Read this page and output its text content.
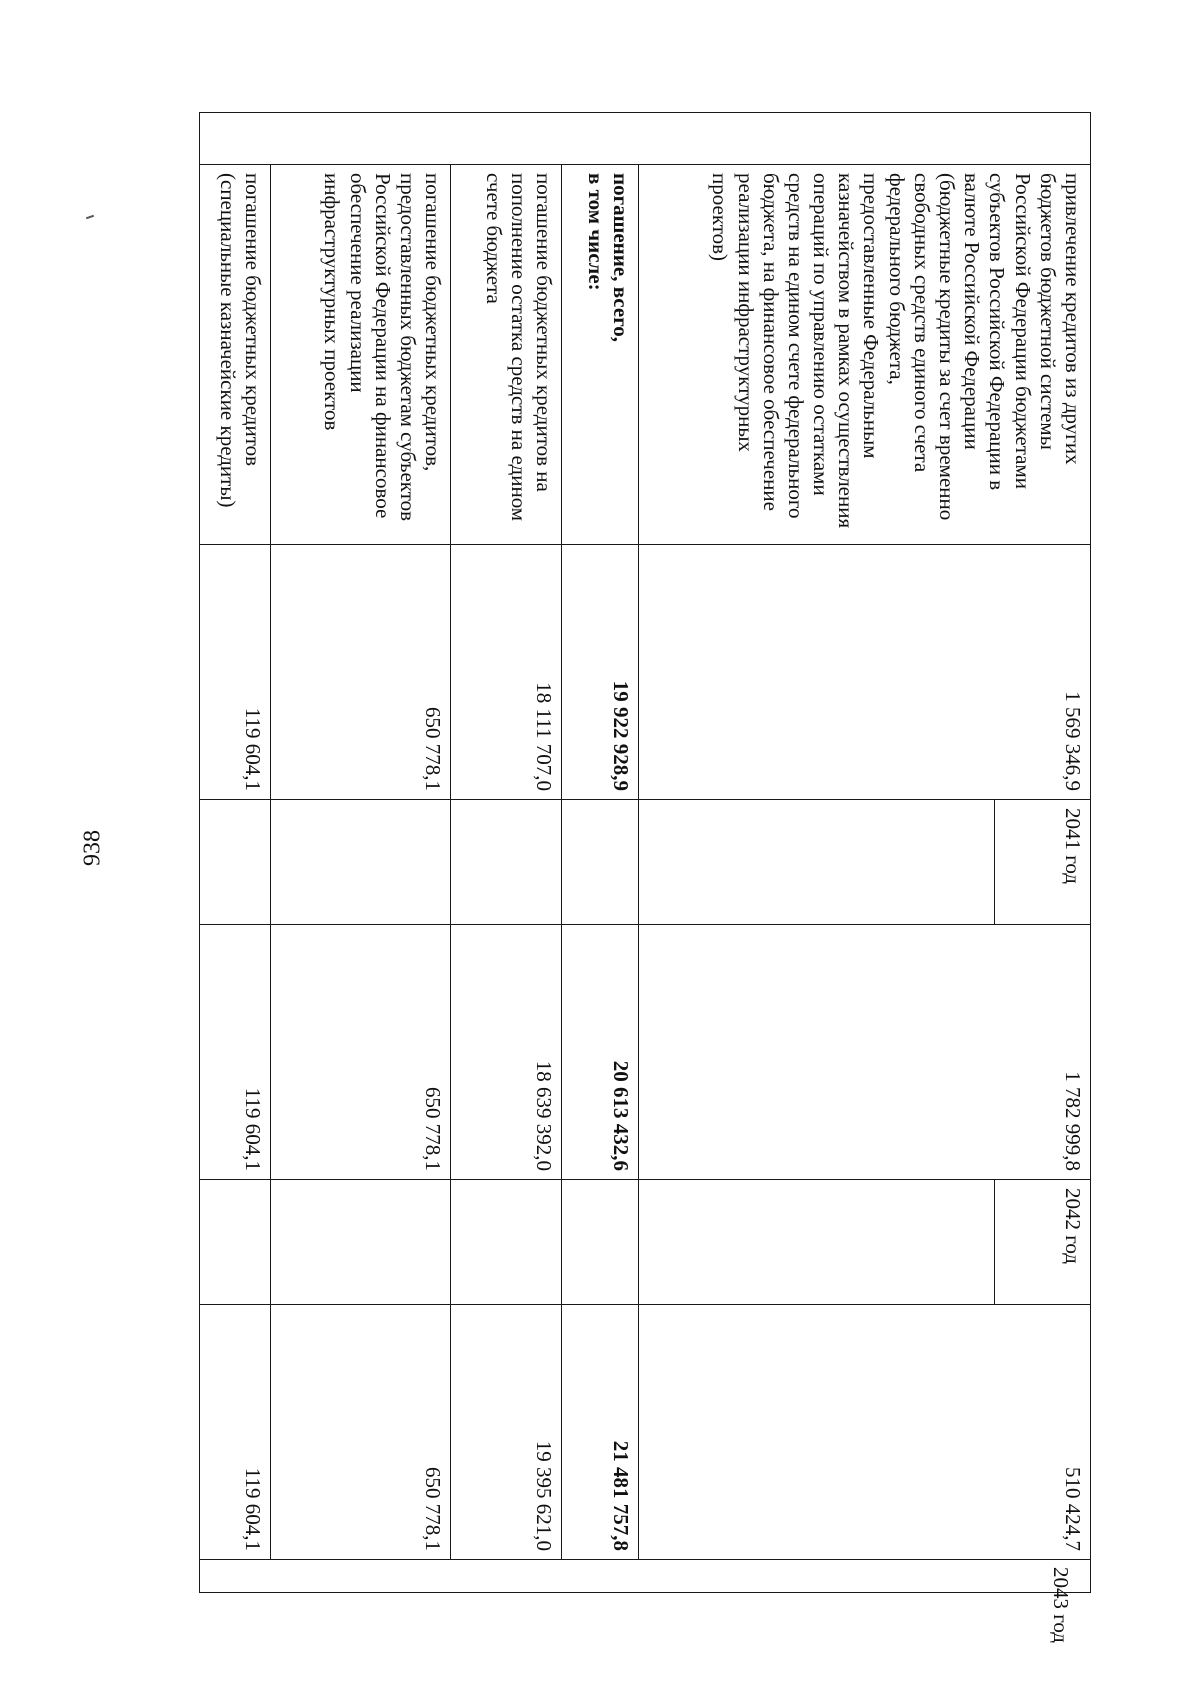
938
	привлечение кредитов из других бюджетов бюджетной системы Российской Федерации бюджетами субъектов Российской Федерации в валюте Российской Федерации (бюджетные кредиты за счет временно свободных средств единого счета федерального бюджета, предоставленные Федеральным казначейством в рамках осуществления операций по управлению остатками средств на едином счете федерального бюджета, на финансовое обеспечение реализации инфраструктурных проектов)	1 569 346,9	2041 год	1 782 999,8	2042 год	510 424,7	

	погашение, всего,
в том числе:	19 922 928,9		20 613 432,6		21 481 757,8	
	погашение бюджетных кредитов на пополнение остатка средств на едином счете бюджета	18 111 707,0		18 639 392,0		19 395 621,0	
	погашение бюджетных кредитов, предоставленных бюджетам субъектов Российской Федерации на финансовое обеспечение реализации инфраструктурных проектов	650 778,1		650 778,1		650 778,1	
	погашение бюджетных кредитов (специальные казначейские кредиты)	119 604,1		119 604,1		119 604,1	
2043 год
